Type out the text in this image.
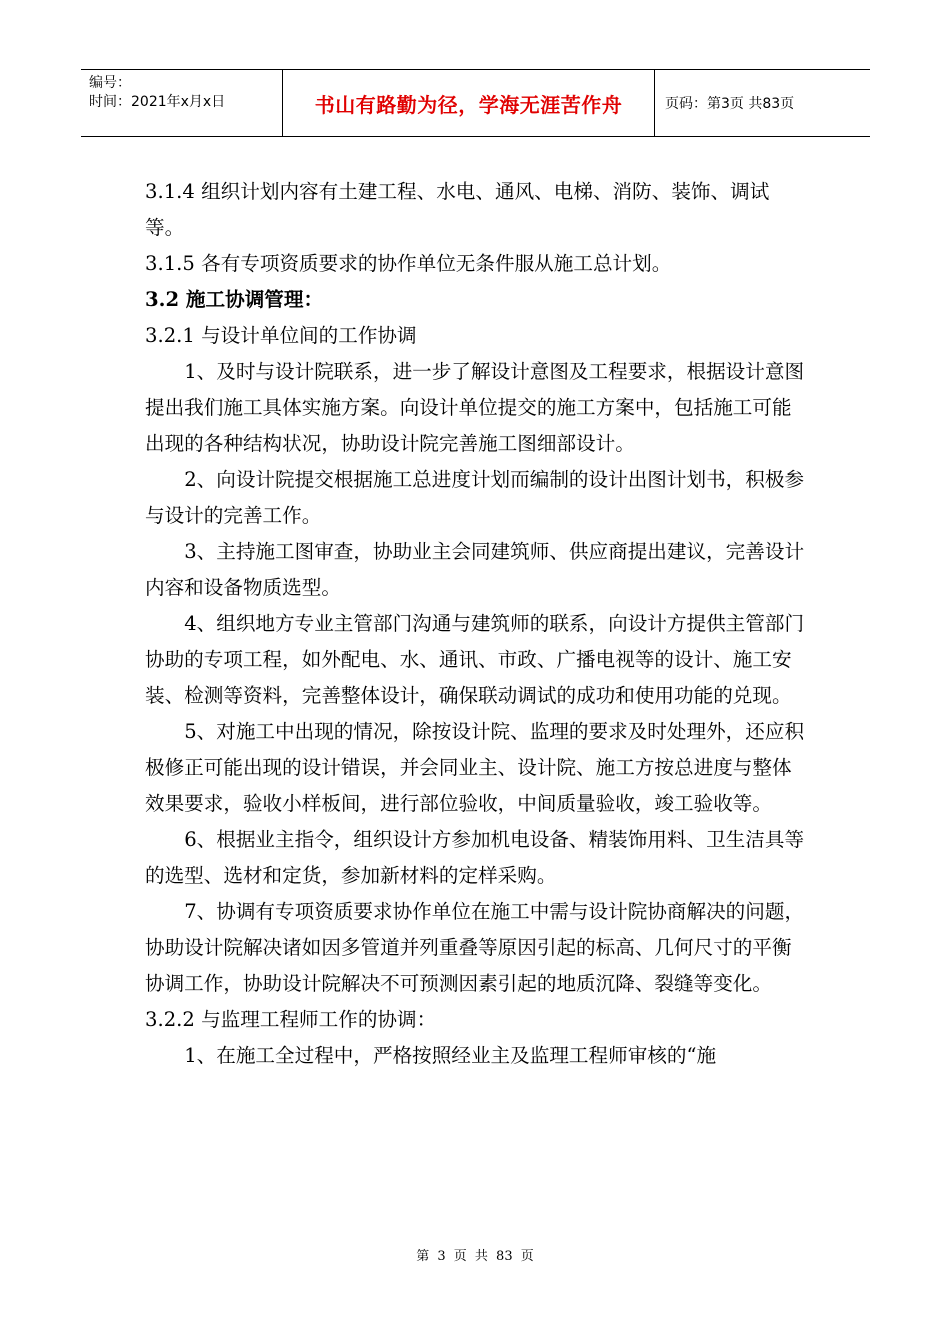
编号：
时间：2021年x月x日	书山有路勤为径，学海无涯苦作舟	页码：第3页 共83页

3.1.4 组织计划内容有土建工程、水电、通风、电梯、消防、装饰、调试等。

3.1.5 各有专项资质要求的协作单位无条件服从施工总计划。

3.2 施工协调管理：

3.2.1 与设计单位间的工作协调

1、及时与设计院联系，进一步了解设计意图及工程要求，根据设计意图提出我们施工具体实施方案。向设计单位提交的施工方案中，包括施工可能出现的各种结构状况，协助设计院完善施工图细部设计。

2、向设计院提交根据施工总进度计划而编制的设计出图计划书，积极参与设计的完善工作。

3、主持施工图审查，协助业主会同建筑师、供应商提出建议，完善设计内容和设备物质选型。

4、组织地方专业主管部门沟通与建筑师的联系，向设计方提供主管部门协助的专项工程，如外配电、水、通讯、市政、广播电视等的设计、施工安装、检测等资料，完善整体设计，确保联动调试的成功和使用功能的兑现。

5、对施工中出现的情况，除按设计院、监理的要求及时处理外，还应积极修正可能出现的设计错误，并会同业主、设计院、施工方按总进度与整体效果要求，验收小样板间，进行部位验收，中间质量验收，竣工验收等。

6、根据业主指令，组织设计方参加机电设备、精装饰用料、卫生洁具等的选型、选材和定货，参加新材料的定样采购。

7、协调有专项资质要求协作单位在施工中需与设计院协商解决的问题，协助设计院解决诸如因多管道并列重叠等原因引起的标高、几何尺寸的平衡协调工作，协助设计院解决不可预测因素引起的地质沉降、裂缝等变化。

3.2.2 与监理工程师工作的协调：

1、在施工全过程中，严格按照经业主及监理工程师审核的“施

第 3 页 共 83 页
